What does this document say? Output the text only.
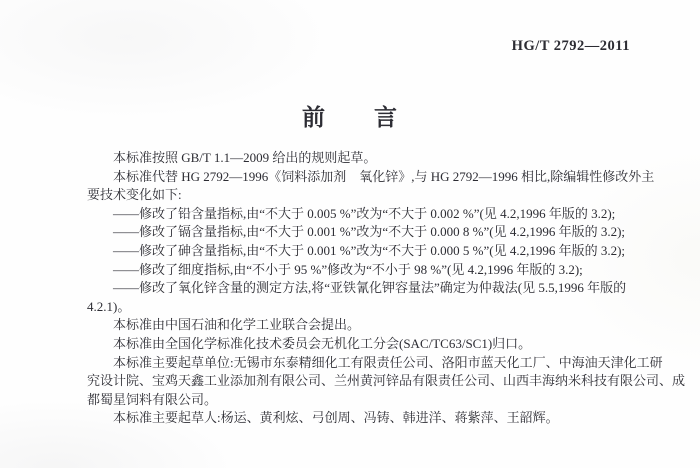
HG/T 2792—2011
前　　言
本标准按照 GB/T 1.1—2009 给出的规则起草。
本标准代替 HG 2792—1996《饲料添加剂　氧化锌》,与 HG 2792—1996 相比,除编辑性修改外主
要技术变化如下:
——修改了铅含量指标,由“不大于 0.005 %”改为“不大于 0.002 %”(见 4.2,1996 年版的 3.2);
——修改了镉含量指标,由“不大于 0.001 %”改为“不大于 0.000 8 %”(见 4.2,1996 年版的 3.2);
——修改了砷含量指标,由“不大于 0.001 %”改为“不大于 0.000 5 %”(见 4.2,1996 年版的 3.2);
——修改了细度指标,由“不小于 95 %”修改为“不小于 98 %”(见 4.2,1996 年版的 3.2);
——修改了氧化锌含量的测定方法,将“亚铁氰化钾容量法”确定为仲裁法(见 5.5,1996 年版的
4.2.1)。
本标准由中国石油和化学工业联合会提出。
本标准由全国化学标准化技术委员会无机化工分会(SAC/TC63/SC1)归口。
本标准主要起草单位:无锡市东泰精细化工有限责任公司、洛阳市蓝天化工厂、中海油天津化工研
究设计院、宝鸡天鑫工业添加剂有限公司、兰州黄河锌品有限责任公司、山西丰海纳米科技有限公司、成
都蜀星饲料有限公司。
本标准主要起草人:杨运、黄利炫、弓创周、冯铸、韩进洋、蒋紫萍、王韶辉。
